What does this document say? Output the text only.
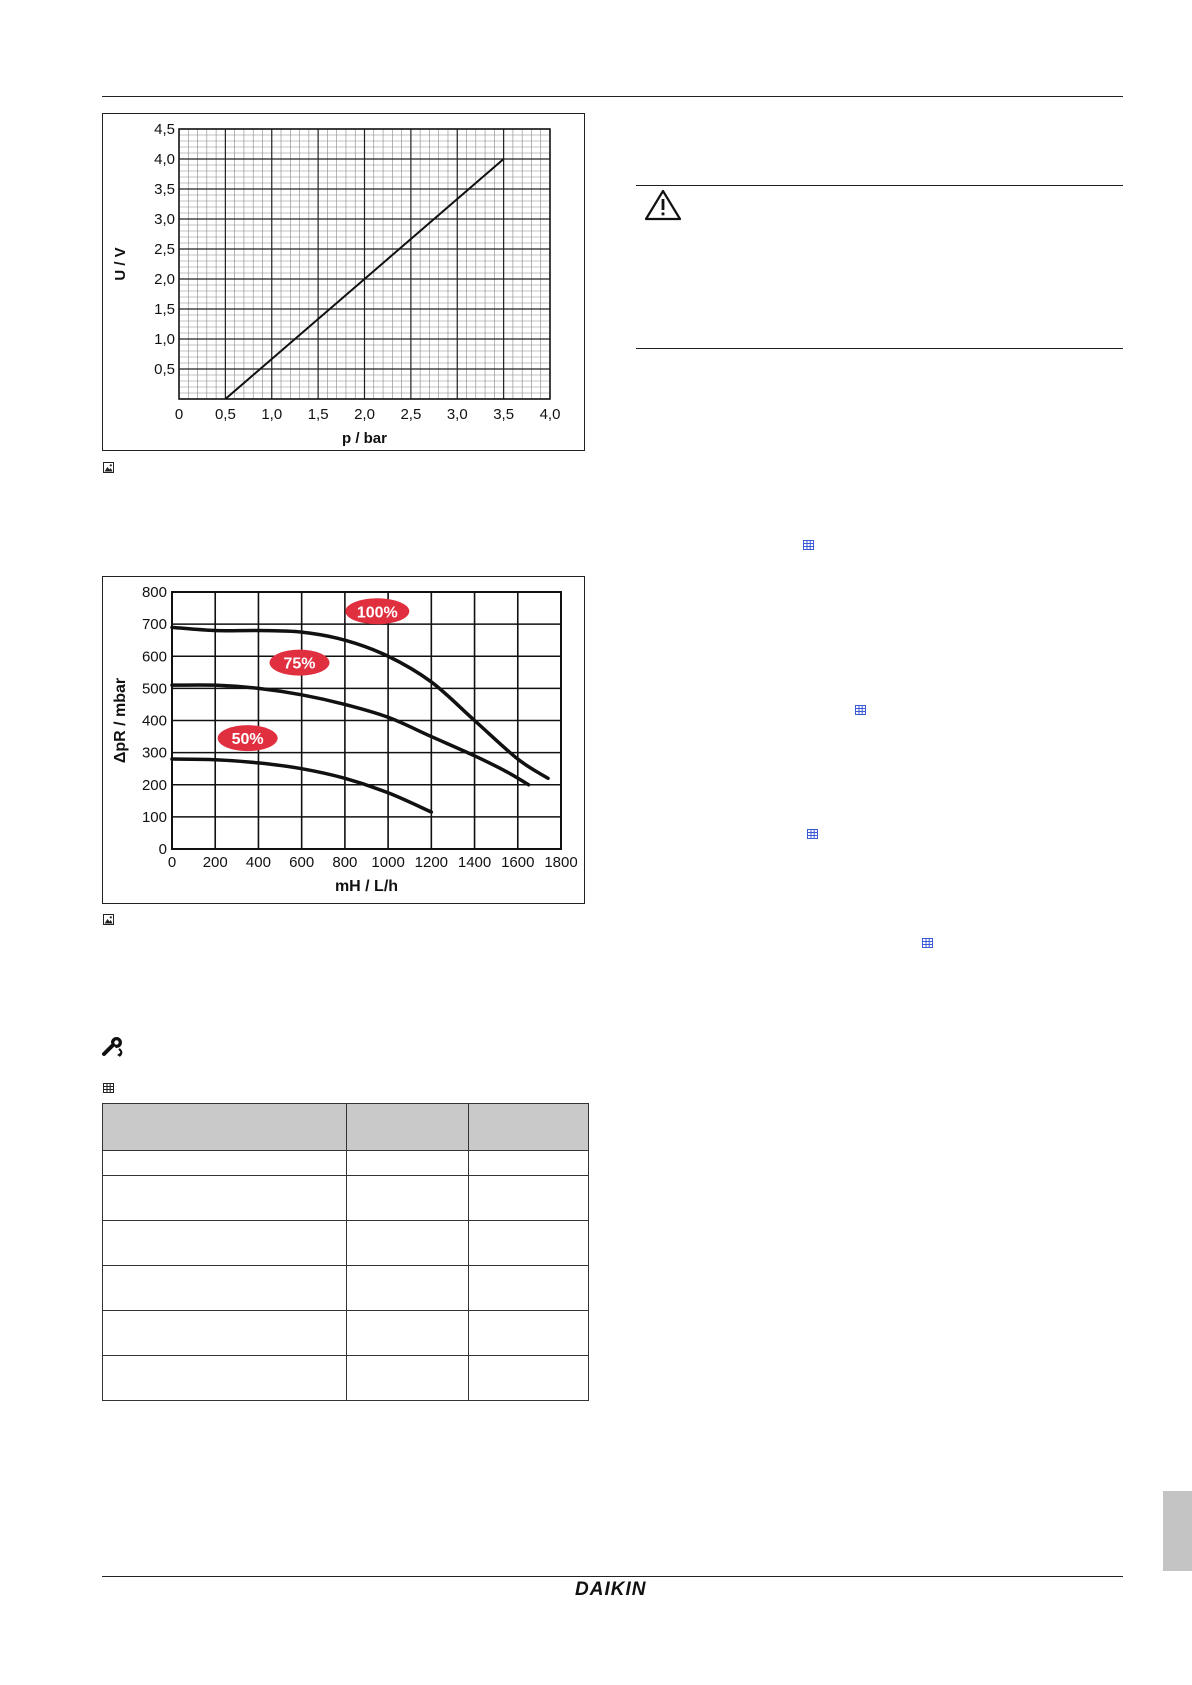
0 0,5 1,0 1,5 2,0 2,5 3,0 3,5 4,0
0,5
1,0
1,5
2,0
2,5
3,0
3,5
4,0
4,5
p / bar
U / V
0 200 400 600 800 1000 1200 1400 1600 1800
0
100
200
300
400
500
600
700
800
mH / L/h
ΔpR / mbar
100%
75%
50%

DAIKIN
